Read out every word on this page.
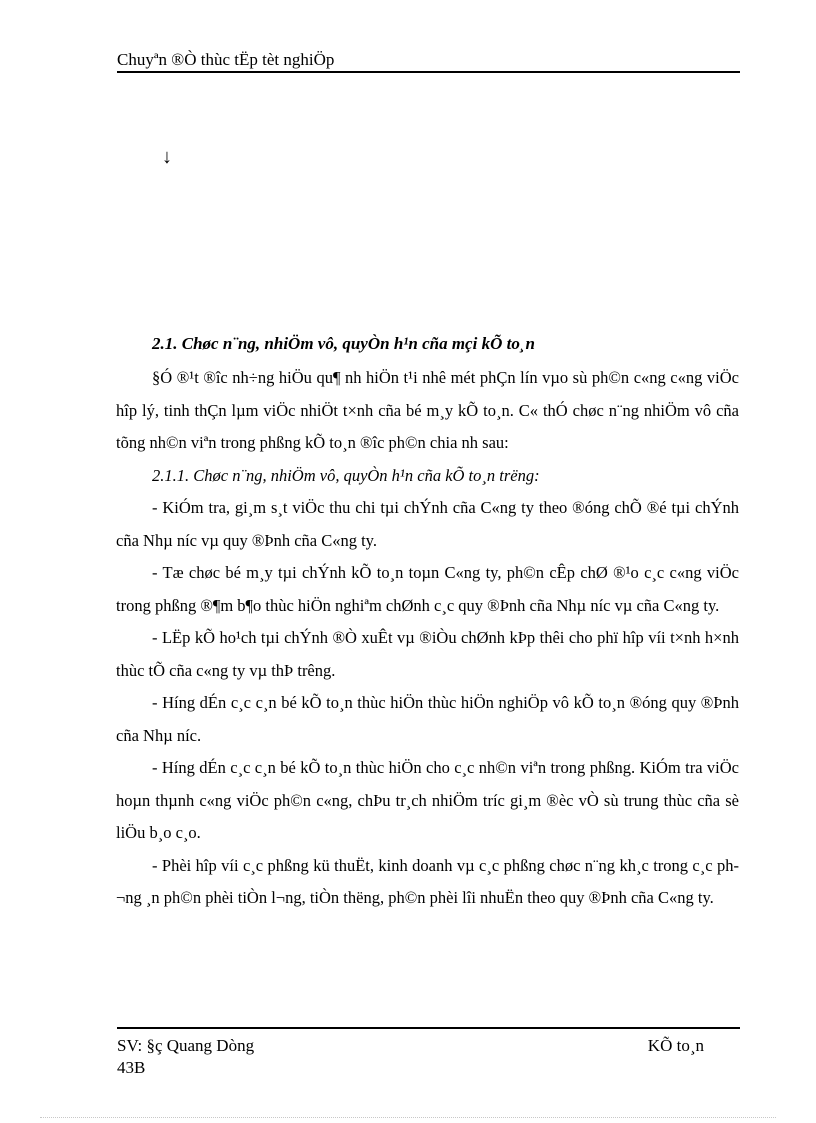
Chuyªn ®Ò thùc tËp tèt nghiÖp
↓
2.1. Chøc n¨ng, nhiÖm vô, quyÒn h¹n cña mçi kÕ to¸n

§Ó ®¹t ®îc nh÷ng hiÖu qu¶ nh hiÖn t¹i nhê mét phÇn lín vµo sù ph©n c«ng c«ng viÖc hîp lý, tinh thÇn lµm viÖc nhiÖt t×nh cña bé m¸y kÕ to¸n. C« thÓ chøc n¨ng nhiÖm vô cña tõng nh©n viªn trong phßng kÕ to¸n ®îc ph©n chia nh sau:

2.1.1. Chøc n¨ng, nhiÖm vô, quyÒn h¹n cña kÕ to¸n trëng:

- KiÓm tra, gi¸m s¸t viÖc thu chi tµi chÝnh cña C«ng ty theo ®óng chÕ ®é tµi chÝnh cña Nhµ níc vµ quy ®Þnh cña C«ng ty.

- Tæ chøc bé m¸y tµi chÝnh kÕ to¸n toµn C«ng ty, ph©n cÊp chØ ®¹o c¸c c«ng viÖc trong phßng ®¶m b¶o thùc hiÖn nghiªm chØnh c¸c quy ®Þnh cña Nhµ níc vµ cña C«ng ty.

- LËp kÕ ho¹ch tµi chÝnh ®Ò xuÊt vµ ®iÒu chØnh kÞp thêi cho phï hîp víi t×nh h×nh thùc tÕ cña c«ng ty vµ thÞ trêng.

- Híng dÉn c¸c c¸n bé kÕ to¸n thùc hiÖn thùc hiÖn nghiÖp vô kÕ to¸n ®óng quy ®Þnh cña Nhµ níc.

- Híng dÉn c¸c c¸n bé kÕ to¸n thùc hiÖn cho c¸c nh©n viªn trong phßng. KiÓm tra viÖc hoµn thµnh c«ng viÖc ph©n c«ng, chÞu tr¸ch nhiÖm tríc gi¸m ®èc vÒ sù trung thùc cña sè liÖu b¸o c¸o.

- Phèi hîp víi c¸c phßng kü thuËt, kinh doanh vµ c¸c phßng chøc n¨ng kh¸c trong c¸c ph¬ng ¸n ph©n phèi tiÒn l¬ng, tiÒn thëng, ph©n phèi lîi nhuËn theo quy ®Þnh cña C«ng ty.

SV: §ç Quang Dòng	KÕ to¸n
43B
